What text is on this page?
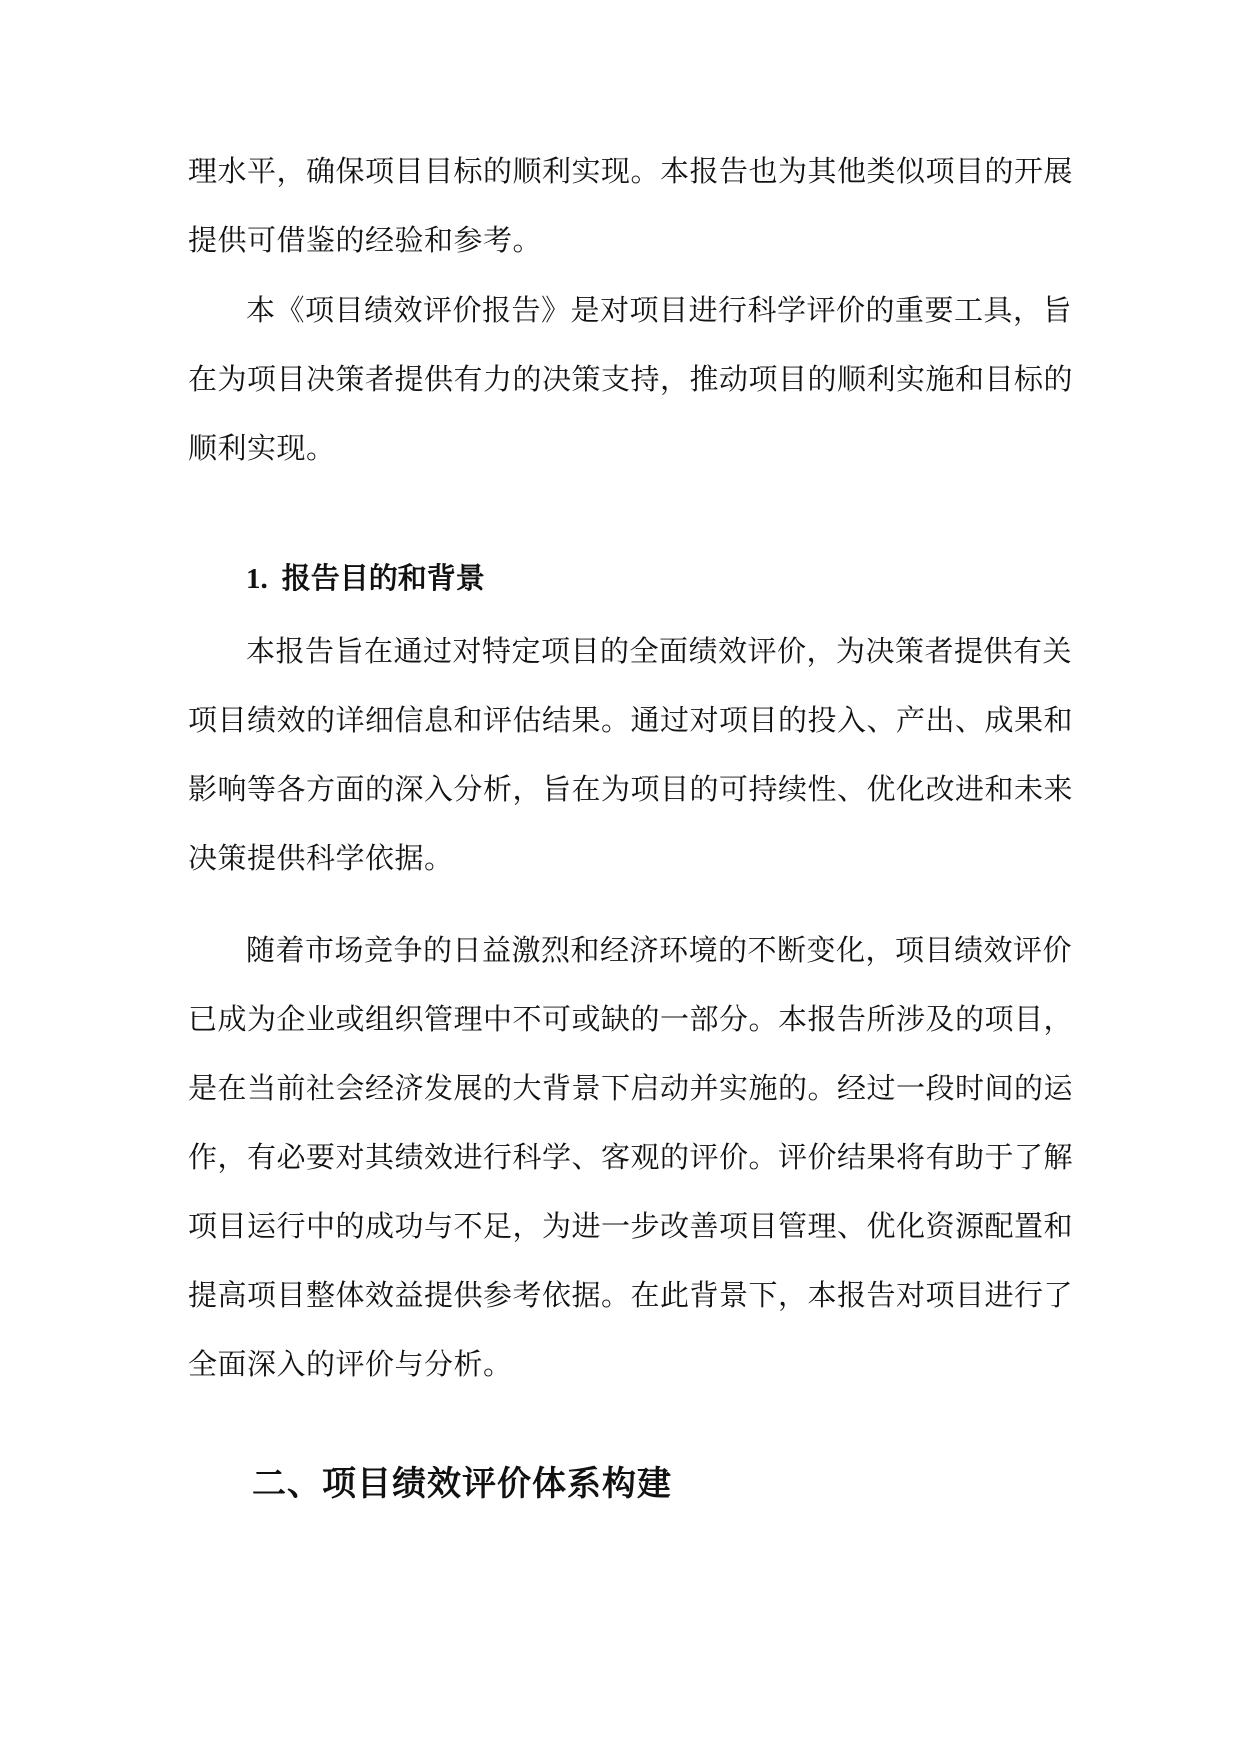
理水平，确保项目目标的顺利实现。本报告也为其他类似项目的开展
提供可借鉴的经验和参考。
本《项目绩效评价报告》是对项目进行科学评价的重要工具，旨
在为项目决策者提供有力的决策支持，推动项目的顺利实施和目标的
顺利实现。
1. 报告目的和背景
本报告旨在通过对特定项目的全面绩效评价，为决策者提供有关
项目绩效的详细信息和评估结果。通过对项目的投入、产出、成果和
影响等各方面的深入分析，旨在为项目的可持续性、优化改进和未来
决策提供科学依据。
随着市场竞争的日益激烈和经济环境的不断变化，项目绩效评价
已成为企业或组织管理中不可或缺的一部分。本报告所涉及的项目，
是在当前社会经济发展的大背景下启动并实施的。经过一段时间的运
作，有必要对其绩效进行科学、客观的评价。评价结果将有助于了解
项目运行中的成功与不足，为进一步改善项目管理、优化资源配置和
提高项目整体效益提供参考依据。在此背景下，本报告对项目进行了
全面深入的评价与分析。
二、项目绩效评价体系构建
